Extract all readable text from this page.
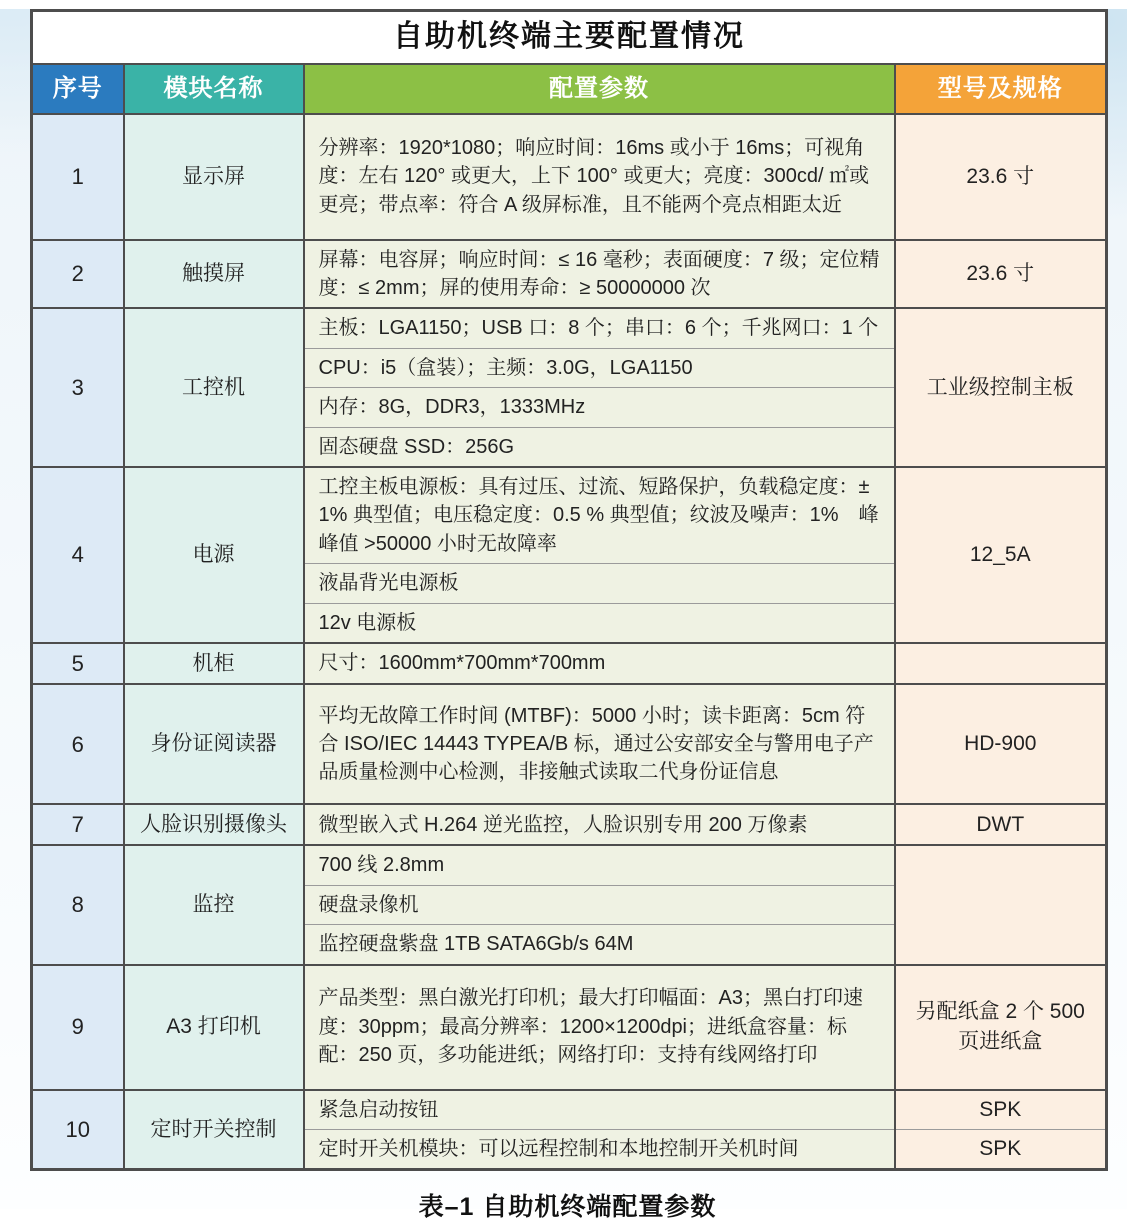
自助机终端主要配置情况			
序号	模块名称	配置参数	型号及规格
1	显示屏	分辨率：1920*1080；响应时间：16ms 或小于 16ms；可视角度：左右 120° 或更大，上下 100° 或更大；亮度：300cd/ ㎡或更亮；带点率：符合 A 级屏标准，且不能两个亮点相距太近	23.6 寸
2	触摸屏	屏幕：电容屏；响应时间：≤ 16 毫秒；表面硬度：7 级；定位精度：≤ 2mm；屏的使用寿命：≥ 50000000 次	23.6 寸
3	工控机	主板：LGA1150；USB 口：8 个；串口：6 个；千兆网口：1 个	工业级控制主板
		CPU：i5（盒装）；主频：3.0G，LGA1150	
		内存：8G，DDR3，1333MHz	
		固态硬盘 SSD：256G	
4	电源	工控主板电源板：具有过压、过流、短路保护，负载稳定度：± 1% 典型值；电压稳定度：0.5 % 典型值；纹波及噪声：1%　峰峰值 >50000 小时无故障率	12_5A
		液晶背光电源板	
		12v 电源板	
5	机柜	尺寸：1600mm*700mm*700mm	
6	身份证阅读器	平均无故障工作时间 (MTBF)：5000 小时；读卡距离：5cm 符合 ISO/IEC 14443 TYPEA/B 标，通过公安部安全与警用电子产品质量检测中心检测，非接触式读取二代身份证信息	HD-900
7	人脸识别摄像头	微型嵌入式 H.264 逆光监控，人脸识别专用 200 万像素	DWT
8	监控	700 线 2.8mm	
		硬盘录像机	
		监控硬盘紫盘 1TB SATA6Gb/s 64M	
9	A3 打印机	产品类型：黑白激光打印机；最大打印幅面：A3；黑白打印速度：30ppm；最高分辨率：1200×1200dpi；进纸盒容量：标配：250 页，多功能进纸；网络打印：支持有线网络打印	另配纸盒 2 个 500 页进纸盒
10	定时开关控制	紧急启动按钮	SPK
		定时开关机模块：可以远程控制和本地控制开关机时间	SPK
表–1 自助机终端配置参数
